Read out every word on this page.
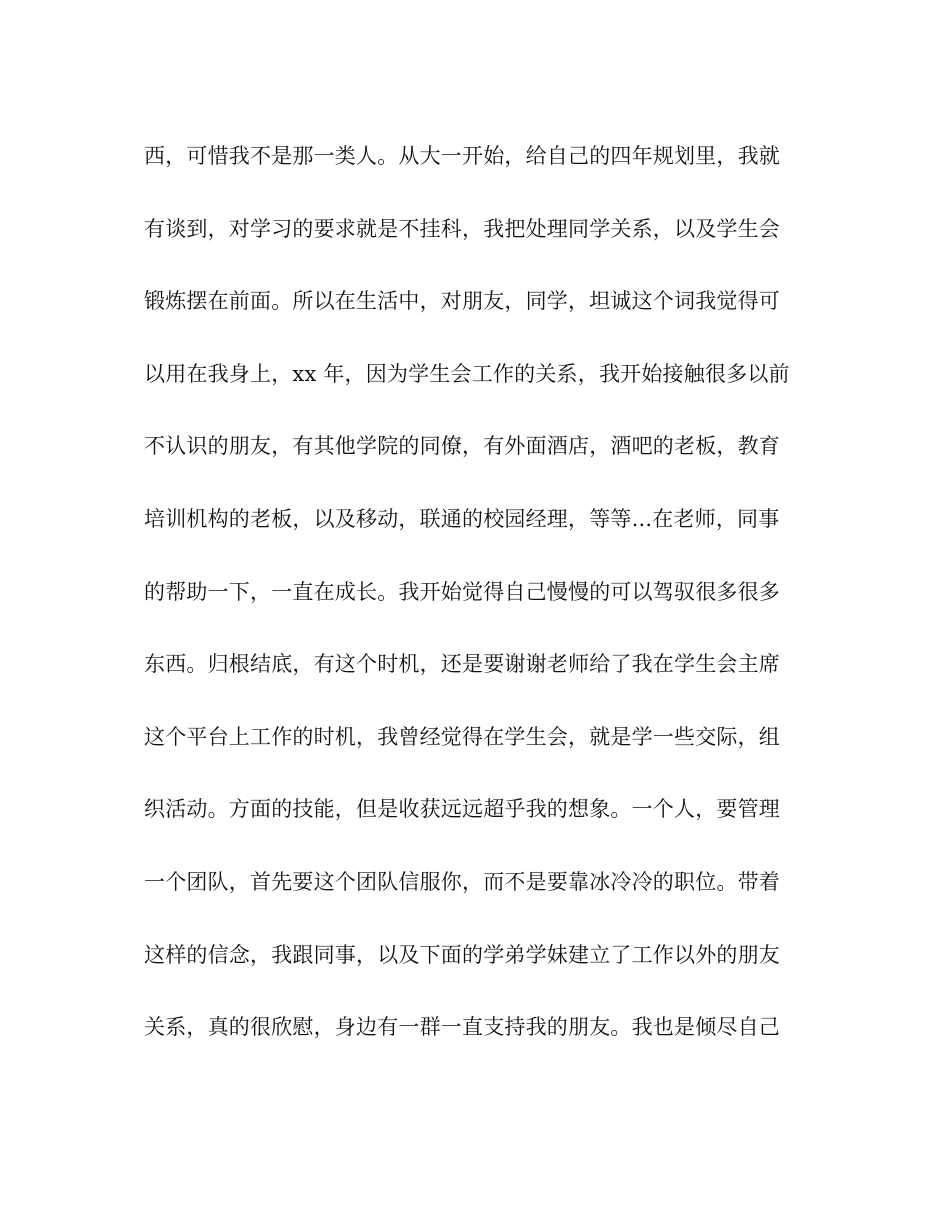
西，可惜我不是那一类人。从大一开始，给自己的四年规划里，我就
有谈到，对学习的要求就是不挂科，我把处理同学关系，以及学生会
锻炼摆在前面。所以在生活中，对朋友，同学，坦诚这个词我觉得可
以用在我身上，xx 年，因为学生会工作的关系，我开始接触很多以前
不认识的朋友，有其他学院的同僚，有外面酒店，酒吧的老板，教育
培训机构的老板，以及移动，联通的校园经理，等等...在老师，同事
的帮助一下，一直在成长。我开始觉得自己慢慢的可以驾驭很多很多
东西。归根结底，有这个时机，还是要谢谢老师给了我在学生会主席
这个平台上工作的时机，我曾经觉得在学生会，就是学一些交际，组
织活动。方面的技能，但是收获远远超乎我的想象。一个人，要管理
一个团队，首先要这个团队信服你，而不是要靠冰冷冷的职位。带着
这样的信念，我跟同事，以及下面的学弟学妹建立了工作以外的朋友
关系，真的很欣慰，身边有一群一直支持我的朋友。我也是倾尽自己
